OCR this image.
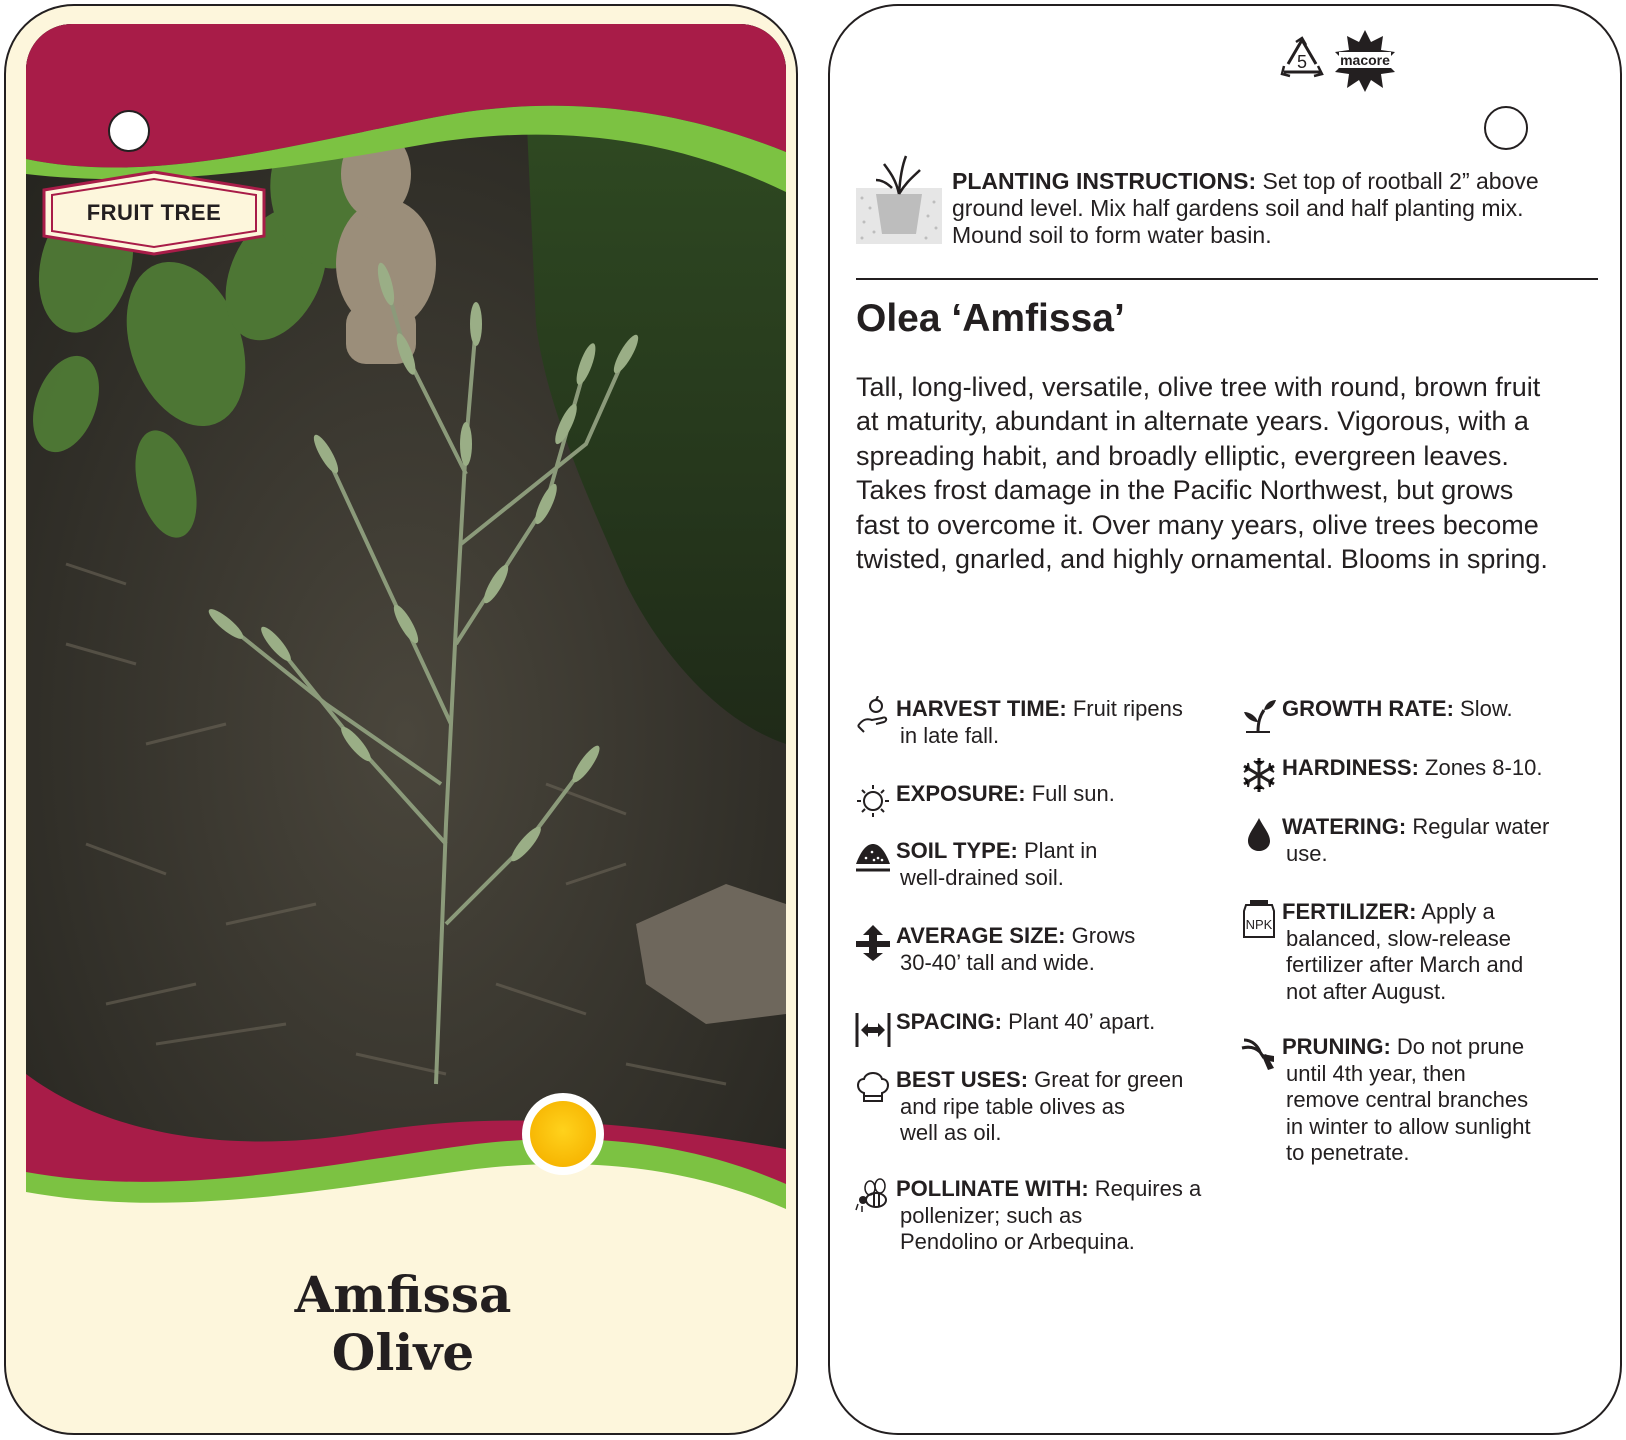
FRUIT TREE
Amfissa
Olive
5 macore
PLANTING INSTRUCTIONS: Set top of rootball 2” above
ground level. Mix half gardens soil and half planting mix.
Mound soil to form water basin.
Olea ‘Amfissa’
Tall, long-lived, versatile, olive tree with round, brown fruit
at maturity, abundant in alternate years. Vigorous, with a
spreading habit, and broadly elliptic, evergreen leaves.
Takes frost damage in the Pacific Northwest, but grows
fast to overcome it. Over many years, olive trees become
twisted, gnarled, and highly ornamental. Blooms in spring.
HARVEST TIME: Fruit ripens
in late fall.
EXPOSURE: Full sun.
SOIL TYPE: Plant in
well-drained soil.
AVERAGE SIZE: Grows
30-40’ tall and wide.
SPACING: Plant 40’ apart.
BEST USES: Great for green
and ripe table olives as
well as oil.
POLLINATE WITH: Requires a
pollenizer; such as
Pendolino or Arbequina.
GROWTH RATE: Slow.
HARDINESS: Zones 8-10.
WATERING: Regular water
use.
NPK
FERTILIZER: Apply a
balanced, slow-release
fertilizer after March and
not after August.
PRUNING: Do not prune
until 4th year, then
remove central branches
in winter to allow sunlight
to penetrate.
